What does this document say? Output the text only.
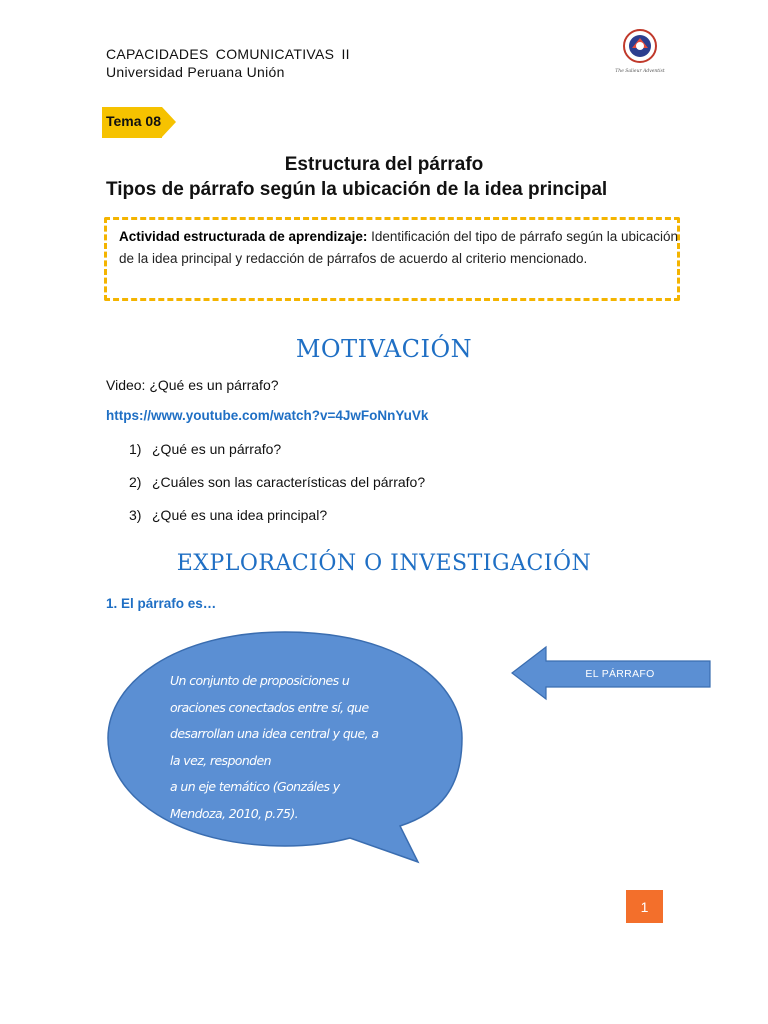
CAPACIDADES COMUNICATIVAS II
Universidad Peruana Unión	The Salieur Adventist
Tema 08
Estructura del párrafo
Tipos de párrafo según la ubicación de la idea principal
Actividad estructurada de aprendizaje: Identificación del tipo de párrafo según la ubicación de la idea principal y redacción de párrafos de acuerdo al criterio mencionado.
MOTIVACIÓN
Video: ¿Qué es un párrafo?
https://www.youtube.com/watch?v=4JwFoNnYuVk
1) ¿Qué es un párrafo?
2) ¿Cuáles son las características del párrafo?
3) ¿Qué es una idea principal?
EXPLORACIÓN O INVESTIGACIÓN
1. El párrafo es…
Un conjunto de proposiciones u
oraciones conectados entre sí, que
desarrollan una idea central y que, a
la vez, responden
a un eje temático (Gonzáles y
Mendoza, 2010, p.75).
EL PÁRRAFO
1
